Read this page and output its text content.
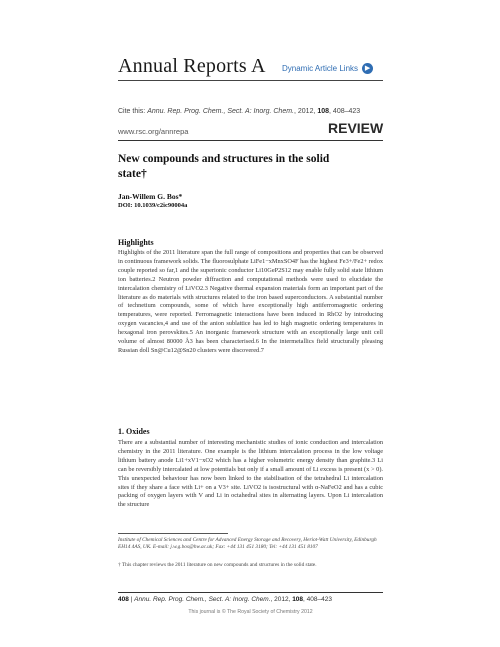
Annual Reports A Dynamic Article Links ▶
Cite this: Annu. Rep. Prog. Chem., Sect. A: Inorg. Chem., 2012, 108, 408–423
www.rsc.org/annrepa	REVIEW
New compounds and structures in the solid
state†
Jan-Willem G. Bos*
DOI: 10.1039/c2ic90004a
Highlights
Highlights of the 2011 literature span the full range of compositions and properties that can be observed in continuous framework solids. The fluorosulphate LiFe1−xMnxSO4F has the highest Fe3+/Fe2+ redox couple reported so far,1 and the superionic conductor Li10GeP2S12 may enable fully solid state lithium ion batteries.2 Neutron powder diffraction and computational methods were used to elucidate the intercalation chemistry of LiVO2.3 Negative thermal expansion materials form an important part of the literature as do materials with structures related to the iron based superconductors. A substantial number of technetium compounds, some of which have exceptionally high antiferromagnetic ordering temperatures, were reported. Ferromagnetic interactions have been induced in RhO2 by introducing oxygen vacancies,4 and use of the anion sublattice has led to high magnetic ordering temperatures in hexagonal iron perovskites.5 An inorganic framework structure with an exceptionally large unit cell volume of almost 80000 Å3 has been characterised.6 In the intermetallics field structurally pleasing Russian doll Sn@Cu12@Sn20 clusters were discovered.7
1. Oxides
There are a substantial number of interesting mechanistic studies of ionic conduction and intercalation chemistry in the 2011 literature. One example is the lithium intercalation process in the low voltage lithium battery anode Li1+xV1−xO2 which has a higher volumetric energy density than graphite.3 Li can be reversibly intercalated at low potentials but only if a small amount of Li excess is present (x > 0). This unexpected behaviour has now been linked to the stabilisation of the tetrahedral Li intercalation sites if they share a face with Li+ on a V3+ site. LiVO2 is isostructural with α-NaFeO2 and has a cubic packing of oxygen layers with V and Li in octahedral sites in alternating layers. Upon Li intercalation the structure
Institute of Chemical Sciences and Centre for Advanced Energy Storage and Recovery, Heriot-Watt University, Edinburgh EH14 4AS, UK. E-mail: j.w.g.bos@hw.ac.uk; Fax: +44 131 451 3180; Tel: +44 131 451 8107
† This chapter reviews the 2011 literature on new compounds and structures in the solid state.
408 | Annu. Rep. Prog. Chem., Sect. A: Inorg. Chem., 2012, 108, 408–423
This journal is © The Royal Society of Chemistry 2012
